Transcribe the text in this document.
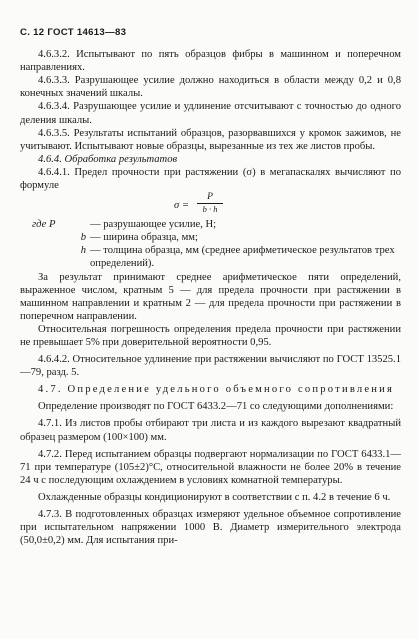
С. 12 ГОСТ 14613—83

4.6.3.2. Испытывают по пять образцов фибры в машинном и поперечном направлениях.

4.6.3.3. Разрушающее усилие должно находиться в области между 0,2 и 0,8 конечных значений шкалы.

4.6.3.4. Разрушающее усилие и удлинение отсчитывают с точностью до одного деления шкалы.

4.6.3.5. Результаты испытаний образцов, разорвавшихся у кромок зажимов, не учитывают. Испытывают новые образцы, вырезанные из тех же листов пробы.

4.6.4. Обработка результатов

4.6.4.1. Предел прочности при растяжении (σ) в мегапаскалях вычисляют по формуле

$\sigma = \frac{P}{b \cdot h}$
где P	— разрушающее усилие, Н;
b — ширина образца, мм;
h — толщина образца, мм (среднее арифметическое результатов трех определений).

За результат принимают среднее арифметическое пяти определений, выраженное числом, кратным 5 — для предела прочности при растяжении в машинном направлении и кратным 2 — для предела прочности при растяжении в поперечном направлении.

Относительная погрешность определения предела прочности при растяжении не превышает 5% при доверительной вероятности 0,95.

4.6.4.2. Относительное удлинение при растяжении вычисляют по ГОСТ 13525.1—79, разд. 5.

4.7. Определение удельного объемного сопротивления

Определение производят по ГОСТ 6433.2—71 со следующими дополнениями:

4.7.1. Из листов пробы отбирают три листа и из каждого вырезают квадратный образец размером (100×100) мм.

4.7.2. Перед испытанием образцы подвергают нормализации по ГОСТ 6433.1—71 при температуре (105±2)°С, относительной влажности не более 20% в течение 24 ч с последующим охлаждением в условиях комнатной температуры.

Охлажденные образцы кондиционируют в соответствии с п. 4.2 в течение 6 ч.

4.7.3. В подготовленных образцах измеряют удельное объемное сопротивление при испытательном напряжении 1000 В. Диаметр измерительного электрода (50,0±0,2) мм. Для испытания при-
